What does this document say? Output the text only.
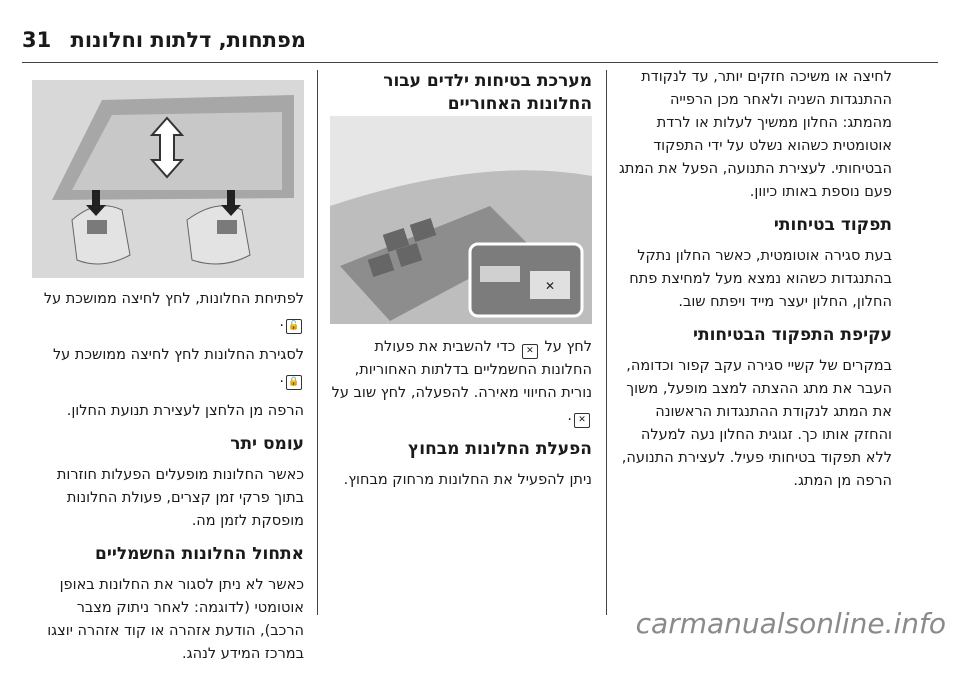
31 מפתחות, דלתות וחלונות

לפתיחת החלונות, לחץ לחיצה ממושכת על 🔓.

לסגירת החלונות לחץ לחיצה ממושכת על 🔒.

הרפה מן הלחצן לעצירת תנועת החלון.

עומס יתר

כאשר החלונות מופעלים הפעלות חוזרות בתוך פרקי זמן קצרים, פעולת החלונות מופסקת לזמן מה.

אתחול החלונות החשמליים

כאשר לא ניתן לסגור את החלונות באופן אוטומטי (לדוגמה: לאחר ניתוק מצבר הרכב), הודעת אזהרה או קוד אזהרה יוצגו במרכז המידע לנהג.

מערכת בטיחות ילדים עבור החלונות האחוריים
✕

לחץ על ✕ כדי להשבית את פעולת החלונות החשמליים בדלתות האחוריות, נורית החיווי מאירה. להפעלה, לחץ שוב על ✕.

הפעלת החלונות מבחוץ

ניתן להפעיל את החלונות מרחוק מבחוץ.

לחיצה או משיכה חזקים יותר, עד לנקודת ההתנגדות השניה ולאחר מכן הרפייה מהמתג: החלון ממשיך לעלות או לרדת אוטומטית כשהוא נשלט על ידי התפקוד הבטיחותי. לעצירת התנועה, הפעל את המתג פעם נוספת באותו כיוון.

תפקוד בטיחותי

בעת סגירה אוטומטית, כאשר החלון נתקל בהתנגדות כשהוא נמצא מעל למחיצת פתח החלון, החלון יעצר מייד ויפתח שוב.

עקיפת התפקוד הבטיחותי

במקרים של קשיי סגירה עקב קפור וכדומה, העבר את מתג ההצתה למצב מופעל, משוך את המתג לנקודת ההתנגדות הראשונה והחזק אותו כך. זגוגית החלון נעה למעלה ללא תפקוד בטיחותי פעיל. לעצירת התנועה, הרפה מן המתג.

carmanualsonline.info
